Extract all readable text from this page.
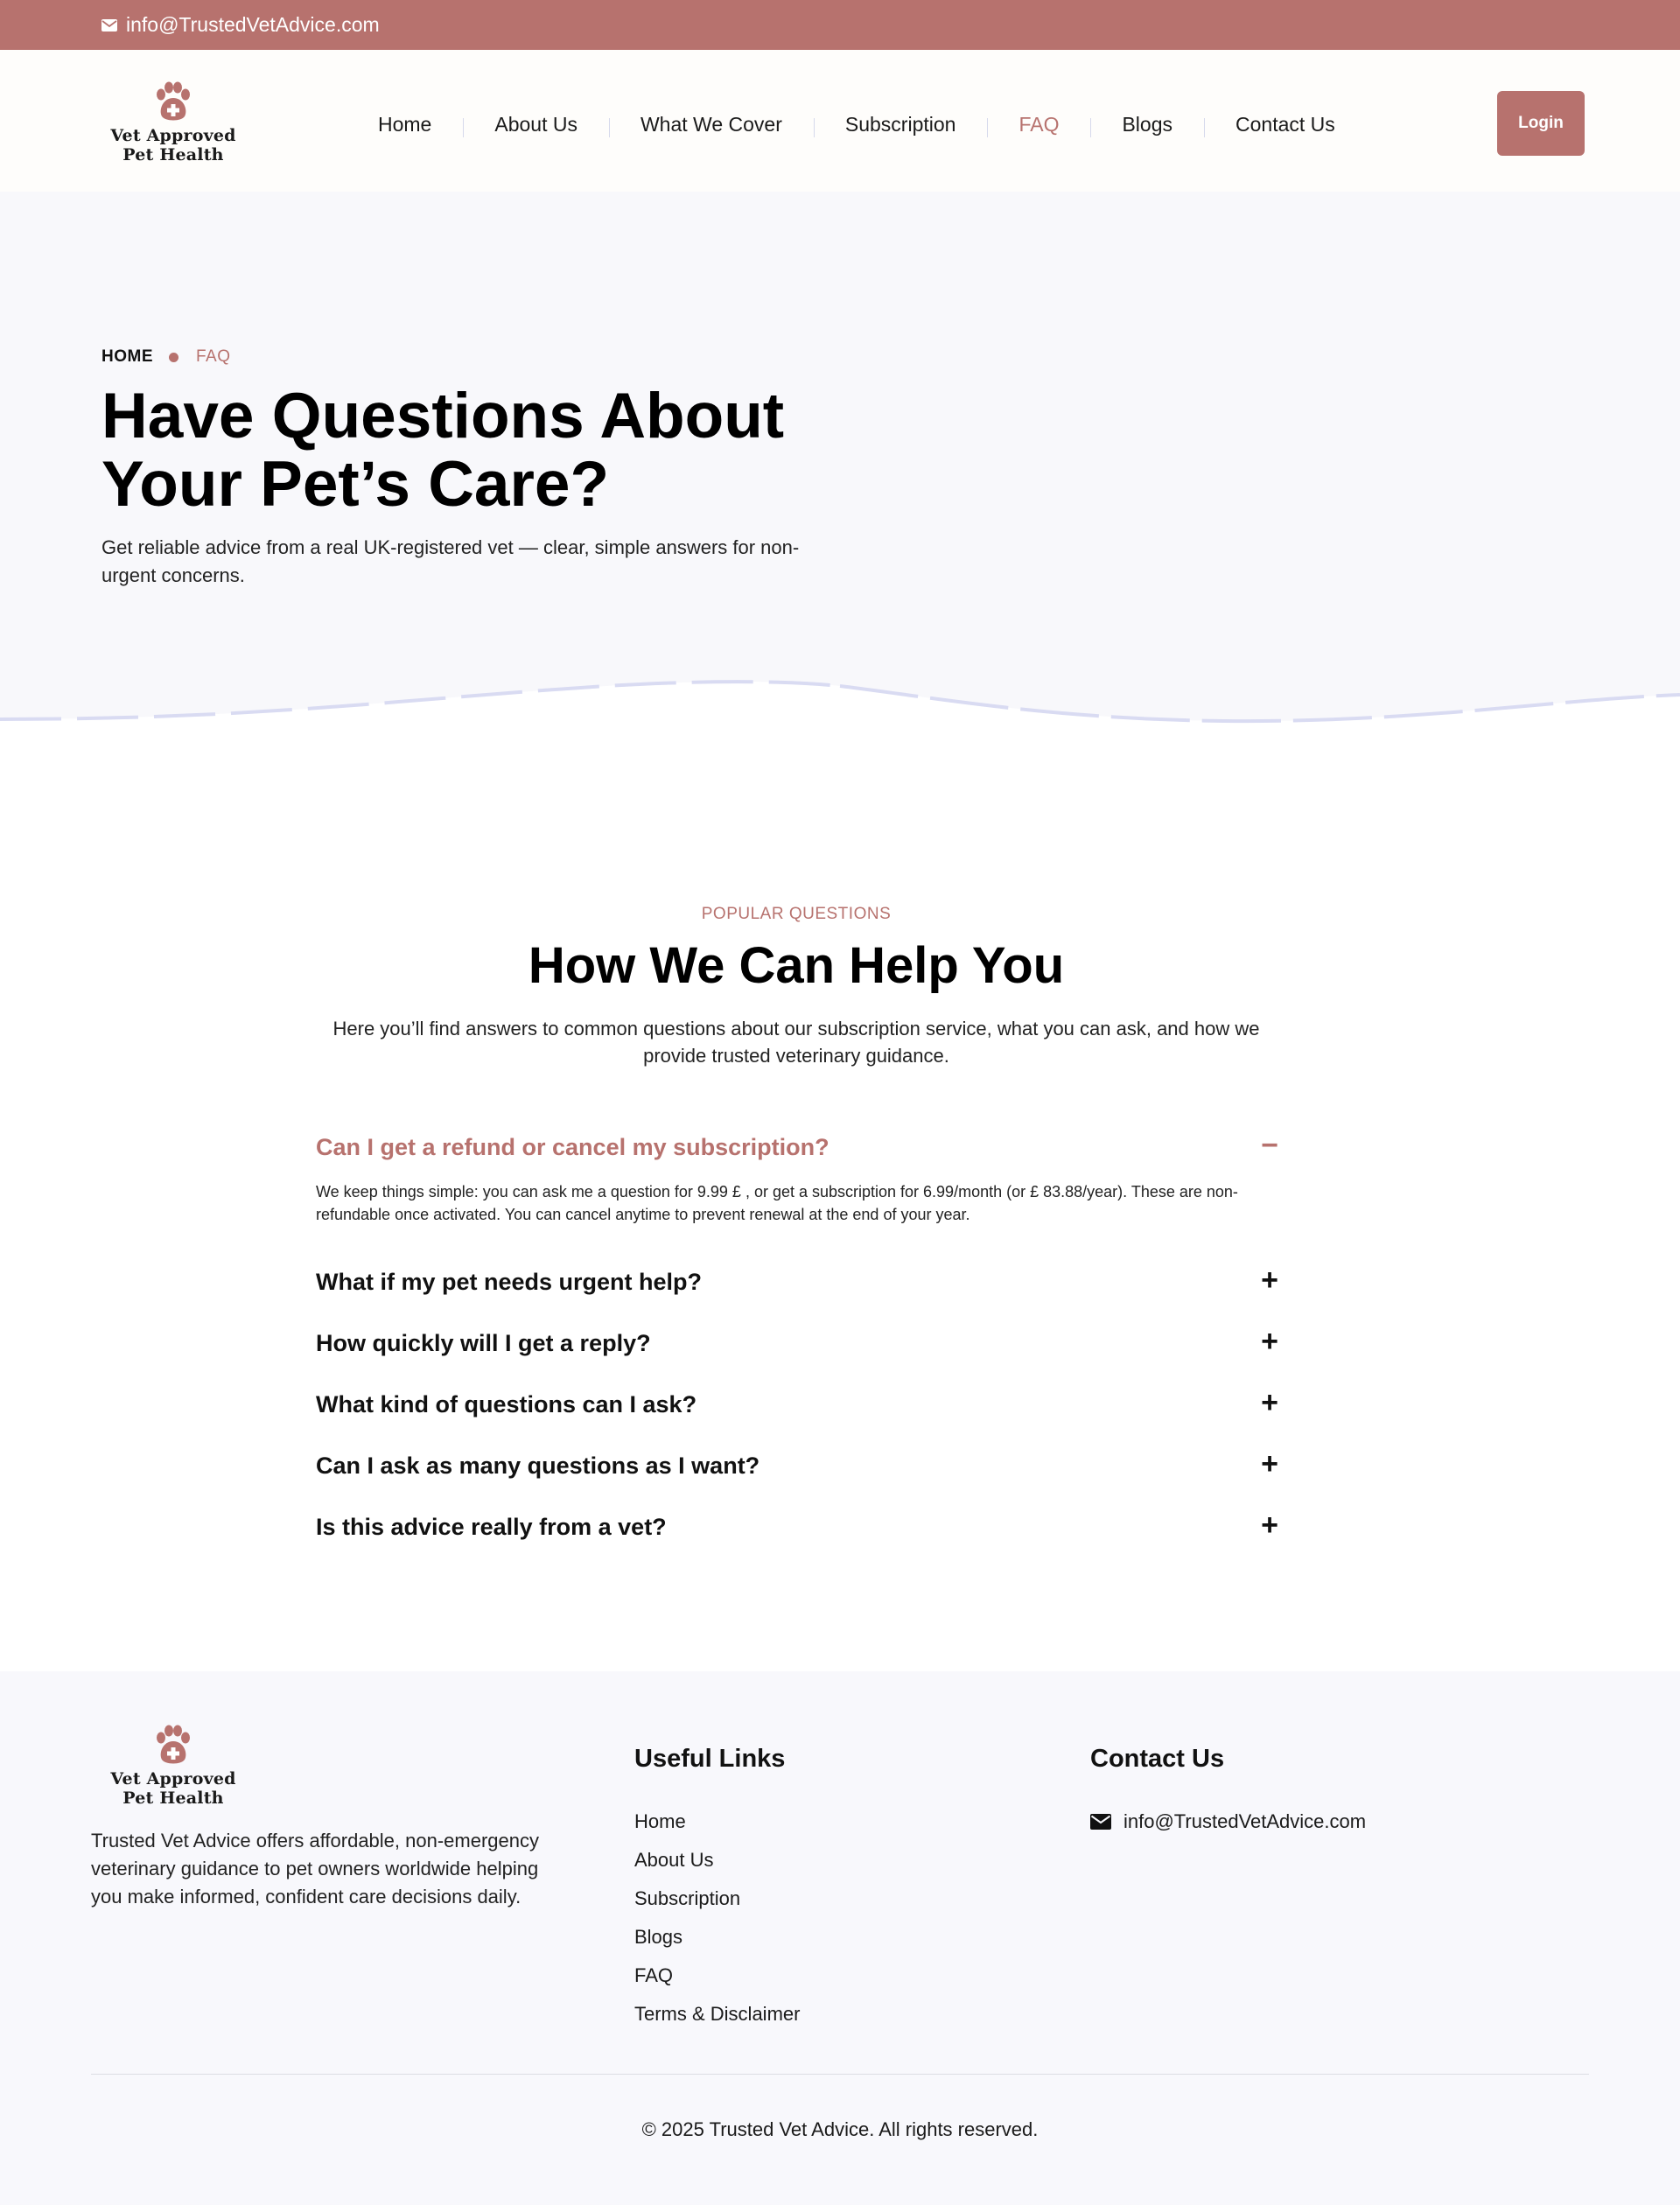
info@TrustedVetAdvice.com
Vet Approved
Pet Health
Home	About Us	What We Cover	Subscription	FAQ	Blogs	Contact Us	Login
HOME	FAQ
Have Questions About
Your Pet’s Care?

Get reliable advice from a real UK-registered vet — clear, simple answers for non-urgent concerns.

POPULAR QUESTIONS
How We Can Help You

Here you’ll find answers to common questions about our subscription service, what you can ask, and how we provide trusted veterinary guidance.

Can I get a refund or cancel my subscription?	−

We keep things simple: you can ask me a question for 9.99 £ , or get a subscription for 6.99/month (or £ 83.88/year). These are non-refundable once activated. You can cancel anytime to prevent renewal at the end of your year.

What if my pet needs urgent help?	+
How quickly will I get a reply?	+
What kind of questions can I ask?	+
Can I ask as many questions as I want?	+
Is this advice really from a vet?	+
Vet Approved
Pet Health

Trusted Vet Advice offers affordable, non-emergency veterinary guidance to pet owners worldwide helping you make informed, confident care decisions daily.

Useful Links
Home
About Us
Subscription
Blogs
FAQ
Terms & Disclaimer
Contact Us
info@TrustedVetAdvice.com
© 2025 Trusted Vet Advice. All rights reserved.
